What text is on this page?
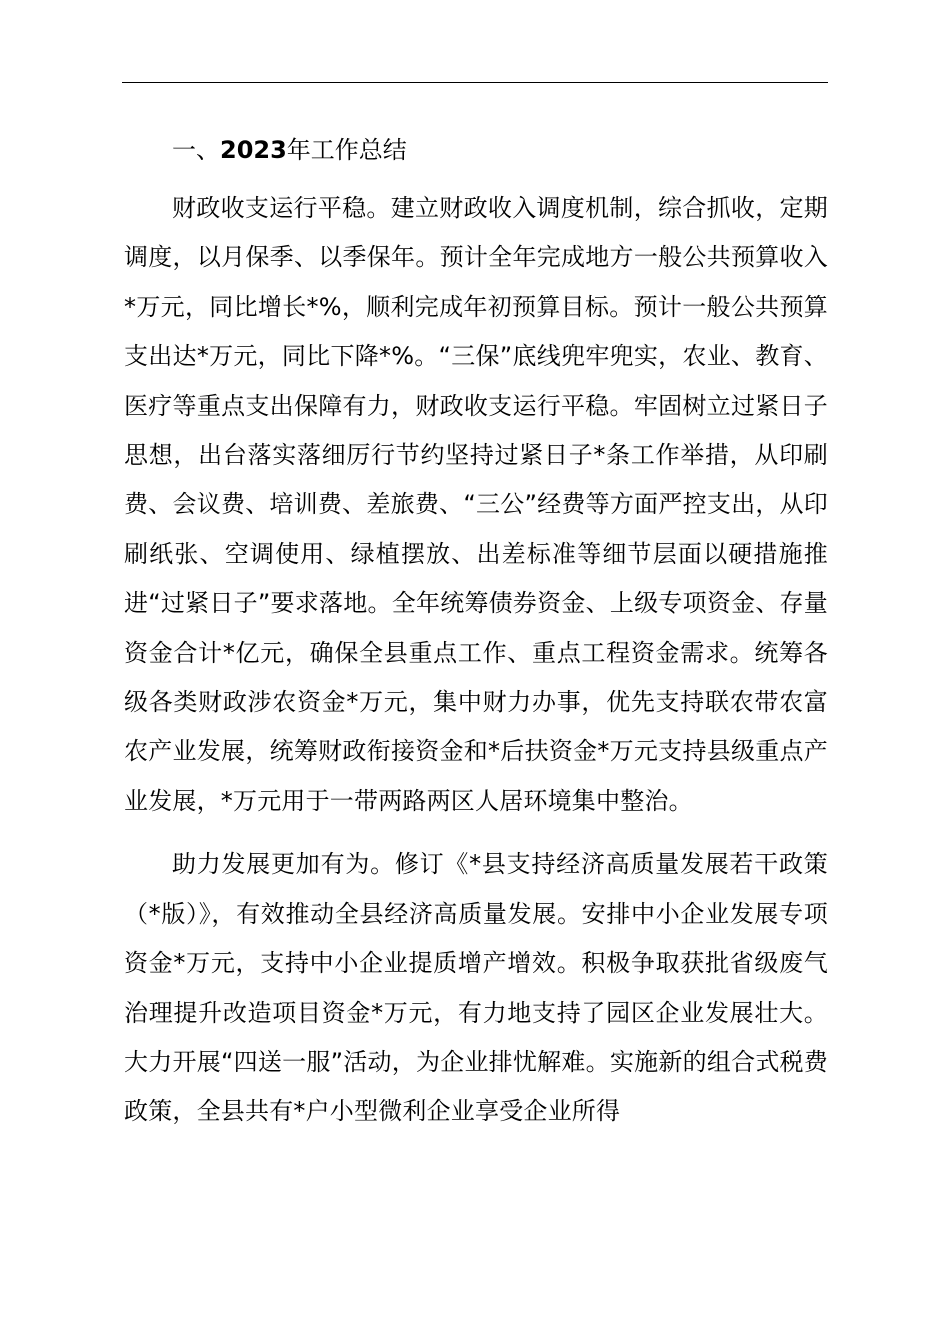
一、2023年工作总结

财政收支运行平稳。建立财政收入调度机制，综合抓收，定期调度，以月保季、以季保年。预计全年完成地方一般公共预算收入*万元，同比增长*%，顺利完成年初预算目标。预计一般公共预算支出达*万元，同比下降*%。“三保”底线兜牢兜实，农业、教育、医疗等重点支出保障有力，财政收支运行平稳。牢固树立过紧日子思想，出台落实落细厉行节约坚持过紧日子*条工作举措，从印刷费、会议费、培训费、差旅费、“三公”经费等方面严控支出，从印刷纸张、空调使用、绿植摆放、出差标准等细节层面以硬措施推进“过紧日子”要求落地。全年统筹债券资金、上级专项资金、存量资金合计*亿元，确保全县重点工作、重点工程资金需求。统筹各级各类财政涉农资金*万元，集中财力办事，优先支持联农带农富农产业发展，统筹财政衔接资金和*后扶资金*万元支持县级重点产业发展，*万元用于一带两路两区人居环境集中整治。

助力发展更加有为。修订《*县支持经济高质量发展若干政策（*版）》，有效推动全县经济高质量发展。安排中小企业发展专项资金*万元，支持中小企业提质增产增效。积极争取获批省级废气治理提升改造项目资金*万元，有力地支持了园区企业发展壮大。大力开展“四送一服”活动，为企业排忧解难。实施新的组合式税费政策，全县共有*户小型微利企业享受企业所得
